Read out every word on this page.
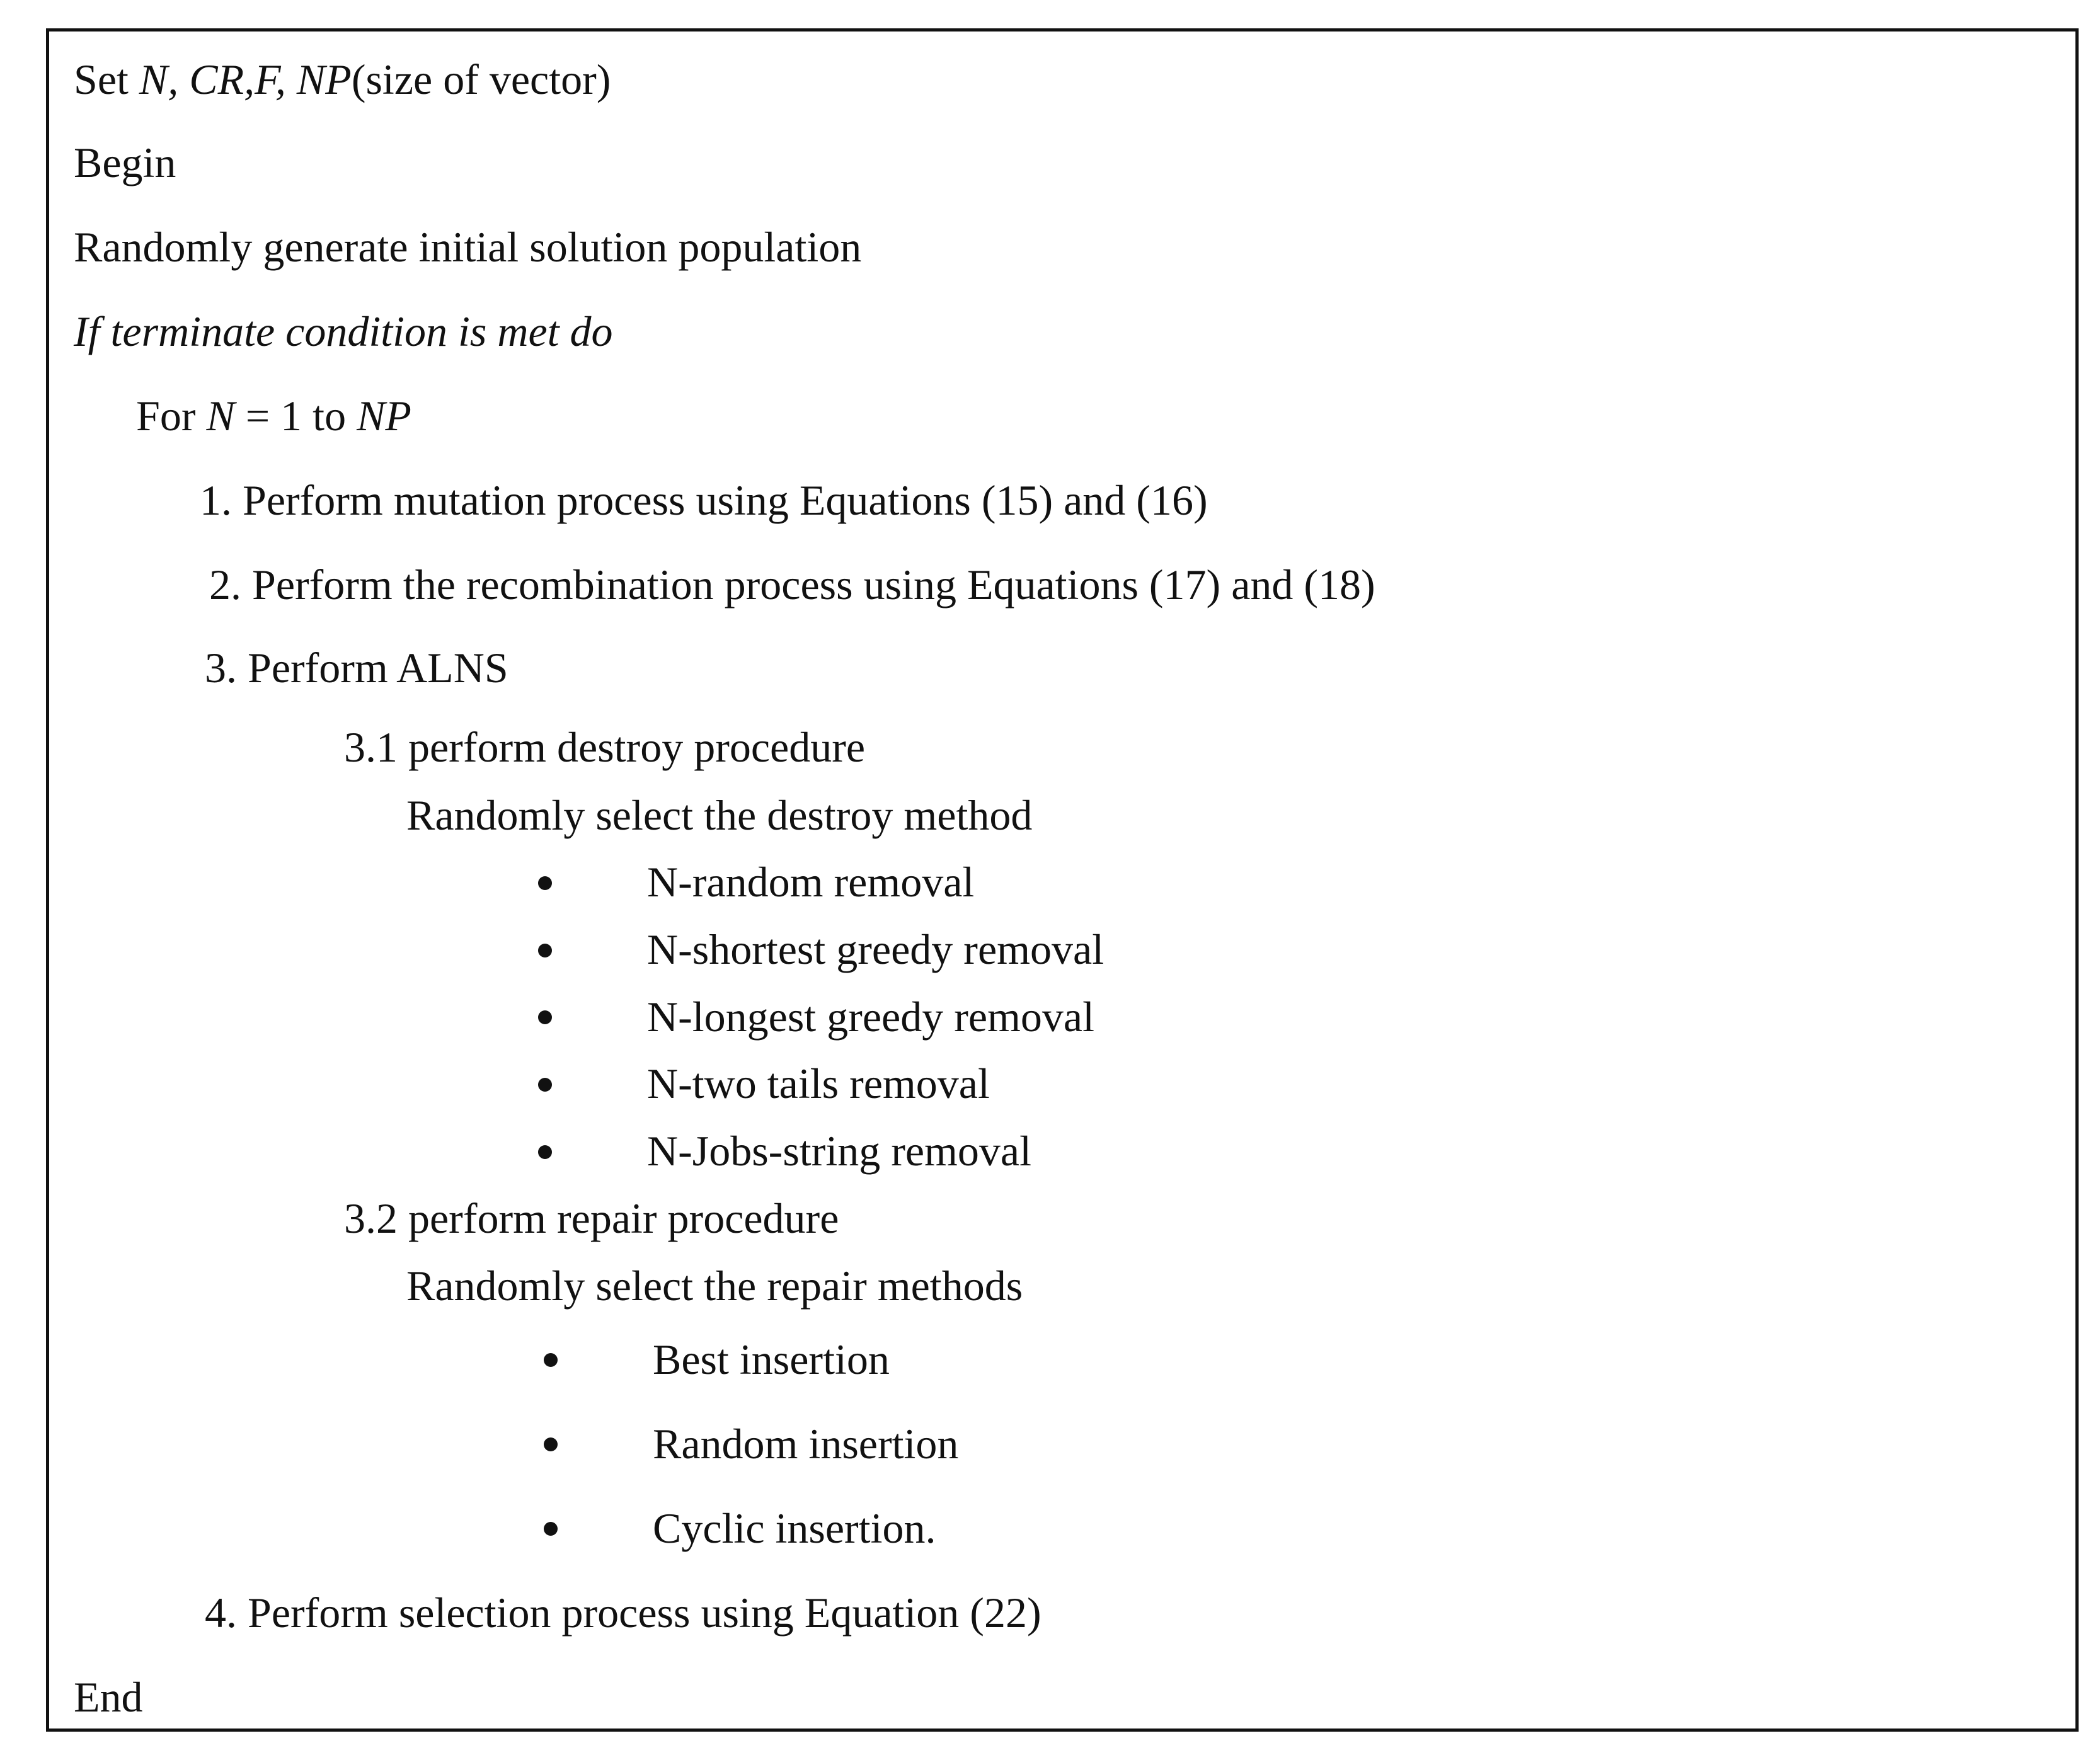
Set N, CR,F, NP(size of vector)
Begin
Randomly generate initial solution population
If terminate condition is met do
For N = 1 to NP
1. Perform mutation process using Equations (15) and (16)
2. Perform the recombination process using Equations (17) and (18)
3. Perform ALNS
3.1 perform destroy procedure
Randomly select the destroy method
N-random removal
N-shortest greedy removal
N-longest greedy removal
N-two tails removal
N-Jobs-string removal
3.2 perform repair procedure
Randomly select the repair methods
Best insertion
Random insertion
Cyclic insertion.
4. Perform selection process using Equation (22)
End
